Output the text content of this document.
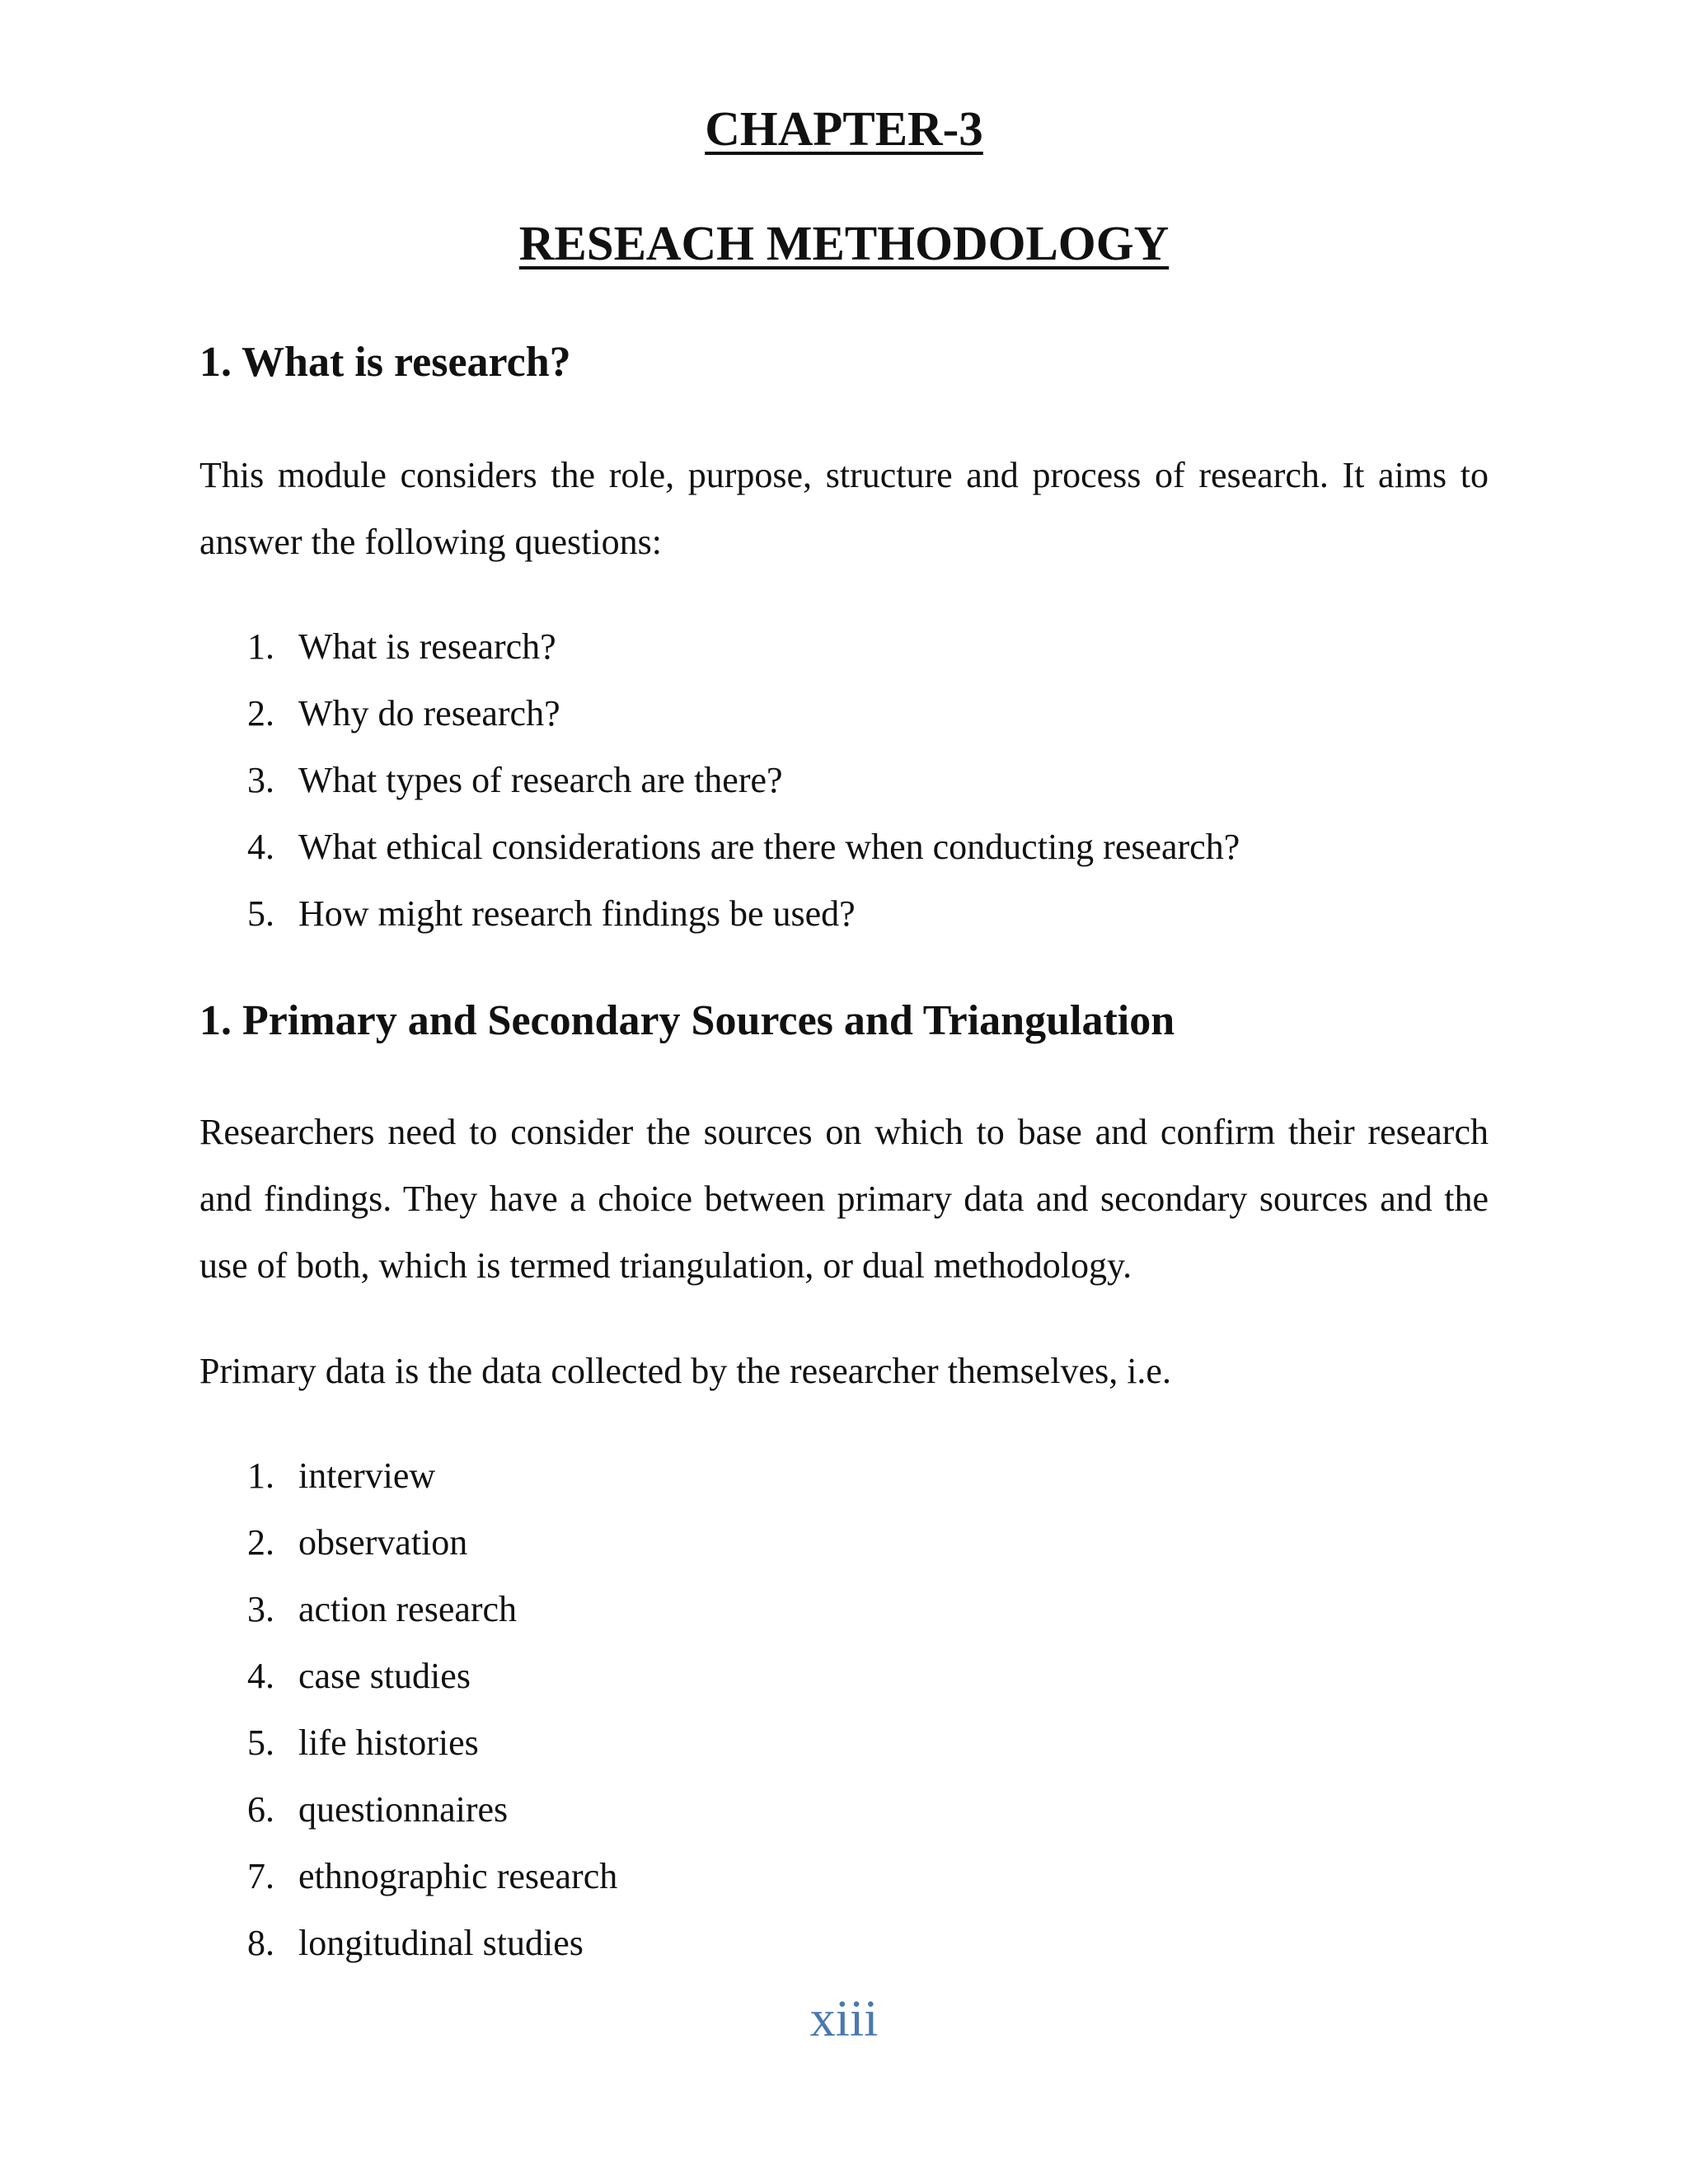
CHAPTER-3
RESEACH METHODOLOGY
1. What is research?

This module considers the role, purpose, structure and process of research. It aims to answer the following questions:

1. What is research?
2. Why do research?
3. What types of research are there?
4. What ethical considerations are there when conducting research?
5. How might research findings be used?
1. Primary and Secondary Sources and Triangulation

Researchers need to consider the sources on which to base and confirm their research and findings. They have a choice between primary data and secondary sources and the use of both, which is termed triangulation, or dual methodology.

Primary data is the data collected by the researcher themselves, i.e.

1. interview
2. observation
3. action research
4. case studies
5. life histories
6. questionnaires
7. ethnographic research
8. longitudinal studies

xiii
